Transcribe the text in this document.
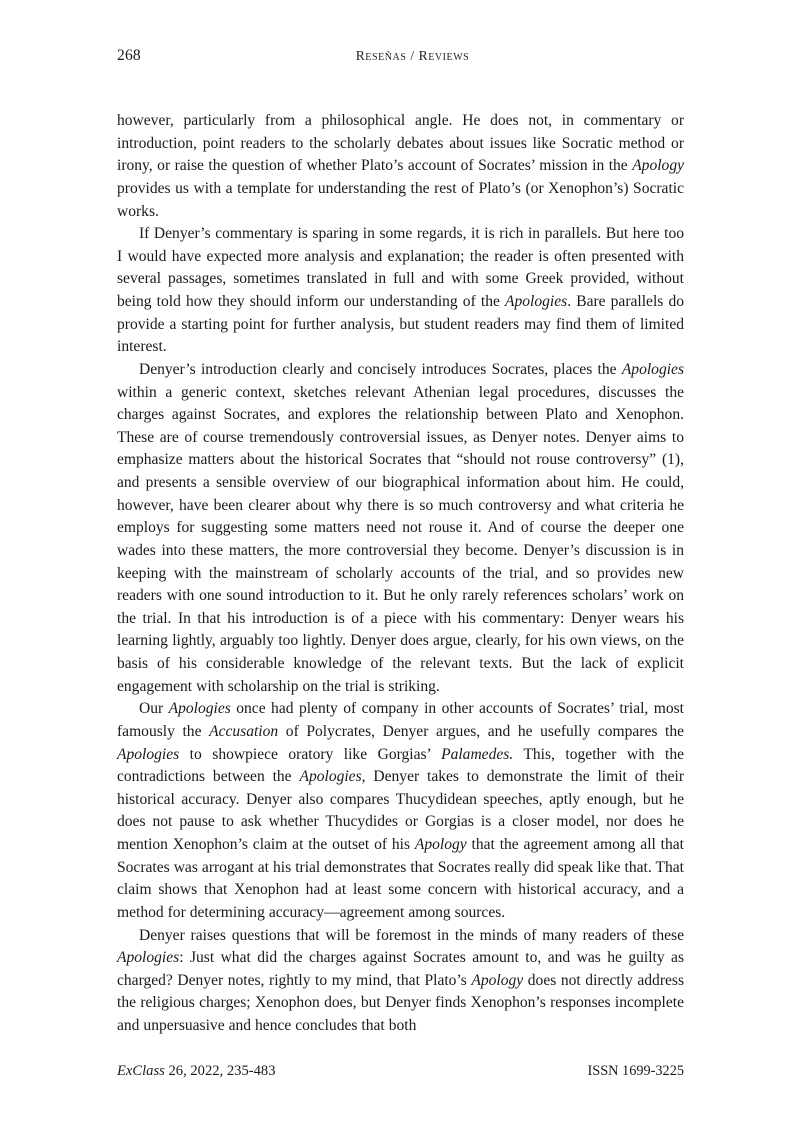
268	Reseñas / Reviews

however, particularly from a philosophical angle. He does not, in commentary or introduction, point readers to the scholarly debates about issues like Socratic method or irony, or raise the question of whether Plato’s account of Socrates’ mission in the Apology provides us with a template for understanding the rest of Plato’s (or Xenophon’s) Socratic works.

If Denyer’s commentary is sparing in some regards, it is rich in parallels. But here too I would have expected more analysis and explanation; the reader is often presented with several passages, sometimes translated in full and with some Greek provided, without being told how they should inform our understanding of the Apologies. Bare parallels do provide a starting point for further analysis, but student readers may find them of limited interest.

Denyer’s introduction clearly and concisely introduces Socrates, places the Apologies within a generic context, sketches relevant Athenian legal procedures, discusses the charges against Socrates, and explores the relationship between Plato and Xenophon. These are of course tremendously controversial issues, as Denyer notes. Denyer aims to emphasize matters about the historical Socrates that “should not rouse controversy” (1), and presents a sensible overview of our biographical information about him. He could, however, have been clearer about why there is so much controversy and what criteria he employs for suggesting some matters need not rouse it. And of course the deeper one wades into these matters, the more controversial they become. Denyer’s discussion is in keeping with the mainstream of scholarly accounts of the trial, and so provides new readers with one sound introduction to it. But he only rarely references scholars’ work on the trial. In that his introduction is of a piece with his commentary: Denyer wears his learning lightly, arguably too lightly. Denyer does argue, clearly, for his own views, on the basis of his considerable knowledge of the relevant texts. But the lack of explicit engagement with scholarship on the trial is striking.

Our Apologies once had plenty of company in other accounts of Socrates’ trial, most famously the Accusation of Polycrates, Denyer argues, and he usefully compares the Apologies to showpiece oratory like Gorgias’ Palamedes. This, together with the contradictions between the Apologies, Denyer takes to demonstrate the limit of their historical accuracy. Denyer also compares Thucydidean speeches, aptly enough, but he does not pause to ask whether Thucydides or Gorgias is a closer model, nor does he mention Xenophon’s claim at the outset of his Apology that the agreement among all that Socrates was arrogant at his trial demonstrates that Socrates really did speak like that. That claim shows that Xenophon had at least some concern with historical accuracy, and a method for determining accuracy—agreement among sources.

Denyer raises questions that will be foremost in the minds of many readers of these Apologies: Just what did the charges against Socrates amount to, and was he guilty as charged? Denyer notes, rightly to my mind, that Plato’s Apology does not directly address the religious charges; Xenophon does, but Denyer finds Xenophon’s responses incomplete and unpersuasive and hence concludes that both

ExClass 26, 2022, 235-483	ISSN 1699-3225
